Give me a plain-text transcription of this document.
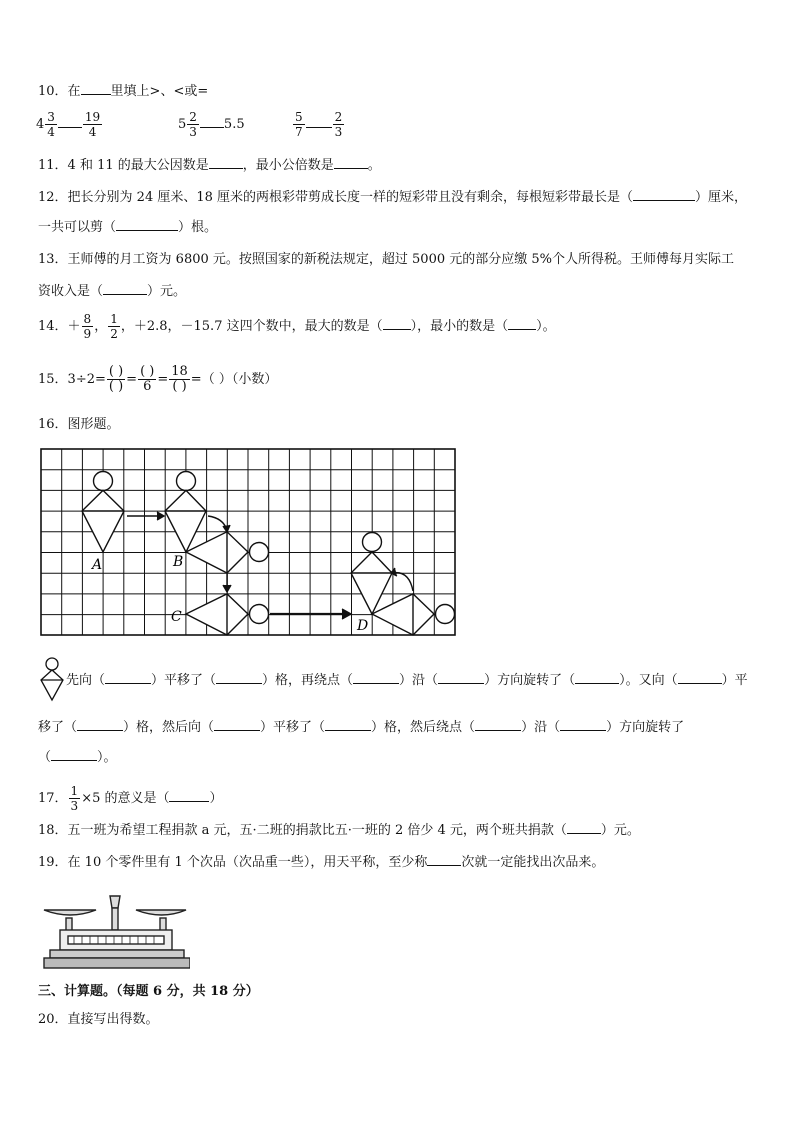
10．在 里填上>、<或=
$4 \frac{3}{4} \frac{19}{4}$	$5 \frac{2}{3} 5.5$	$\frac{5}{7} \frac{2}{3}$
11．4 和 11 的最大公因数是	，最小公倍数是	。
12．把长分别为 24 厘米、18 厘米的两根彩带剪成长度一样的短彩带且没有剩余，每根短彩带最长是（	）厘米，
一共可以剪（	）根。
13．王师傅的月工资为 6800 元。按照国家的新税法规定，超过 5000 元的部分应缴 5%个人所得税。王师傅每月实际工
资收入是（	）元。
14．＋ $\frac{8}{9}$ ， $\frac{1}{2}$ ，＋2.8，－15.7 这四个数中，最大的数是（ ），最小的数是（ ）。
15．$3\div 2= \frac{( )}{( )} = \frac{( )}{6} = \frac{18}{( )}$ =（ ）（小数）
16．图形题。
A	B
C
D
先向（	）平移了（	）格，再绕点（	）沿（	）方向旋转了（	）。又向（	）平
移了（	）格，然后向（	）平移了（	）格，然后绕点（	）沿（	）方向旋转了
（	）。
17． $\frac{1}{3} \times 5$ 的意义是（	）
18．五一班为希望工程捐款 a 元，五·二班的捐款比五·一班的 2 倍少 4 元，两个班共捐款（	）元。
19．在 10 个零件里有 1 个次品（次品重一些），用天平称，至少称	次就一定能找出次品来。
三、计算题。（每题 6 分，共 18 分）
20．直接写出得数。
